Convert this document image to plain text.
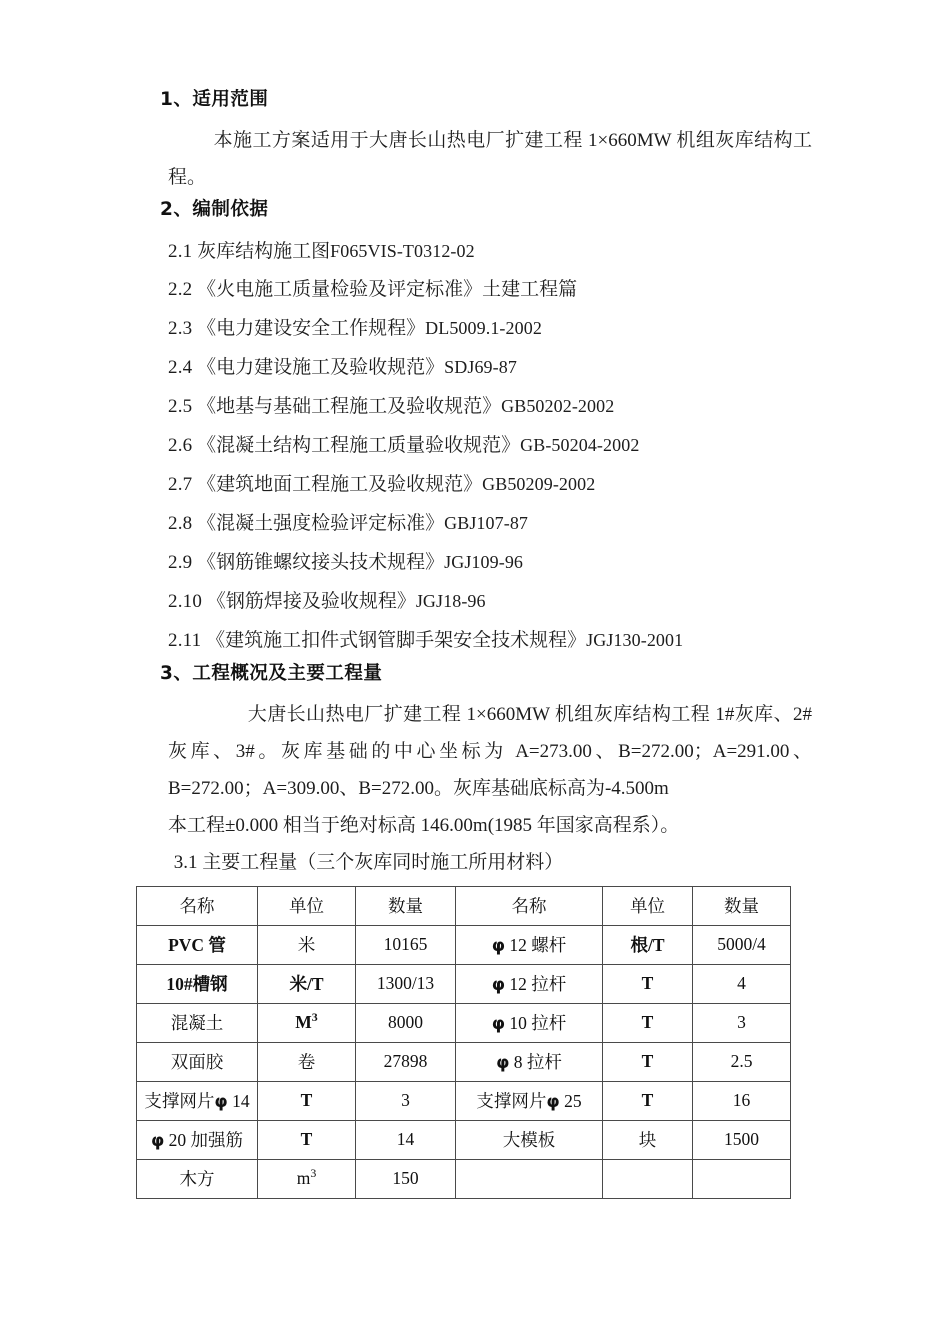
1、适用范围

本施工方案适用于大唐长山热电厂扩建工程 1×660MW 机组灰库结构工程。

2、编制依据
2.1 灰库结构施工图F065VIS-T0312-02
2.2 《火电施工质量检验及评定标准》土建工程篇
2.3 《电力建设安全工作规程》DL5009.1-2002
2.4 《电力建设施工及验收规范》SDJ69-87
2.5 《地基与基础工程施工及验收规范》GB50202-2002
2.6 《混凝土结构工程施工质量验收规范》GB-50204-2002
2.7 《建筑地面工程施工及验收规范》GB50209-2002
2.8 《混凝土强度检验评定标准》GBJ107-87
2.9 《钢筋锥螺纹接头技术规程》JGJ109-96
2.10 《钢筋焊接及验收规程》JGJ18-96
2.11 《建筑施工扣件式钢管脚手架安全技术规程》JGJ130-2001
3、工程概况及主要工程量

大唐长山热电厂扩建工程 1×660MW 机组灰库结构工程 1#灰库、2#灰库、3#。灰库基础的中心坐标为 A=273.00、B=272.00；A=291.00、B=272.00；A=309.00、B=272.00。灰库基础底标高为-4.500m

本工程±0.000 相当于绝对标高 146.00m(1985 年国家高程系）。

3.1 主要工程量（三个灰库同时施工所用材料）
名称	单位	数量	名称	单位	数量
PVC 管	米	10165	φ 12 螺杆	根/T	5000/4
10#槽钢	米/T	1300/13	φ 12 拉杆	T	4
混凝土	$M^3$	8000	φ 10 拉杆	T	3
双面胶	卷	27898	φ 8 拉杆	T	2.5
支撑网片φ 14	T	3	支撑网片φ 25	T	16
φ 20 加强筋	T	14	大模板	块	1500
木方	$m^3$	150			
